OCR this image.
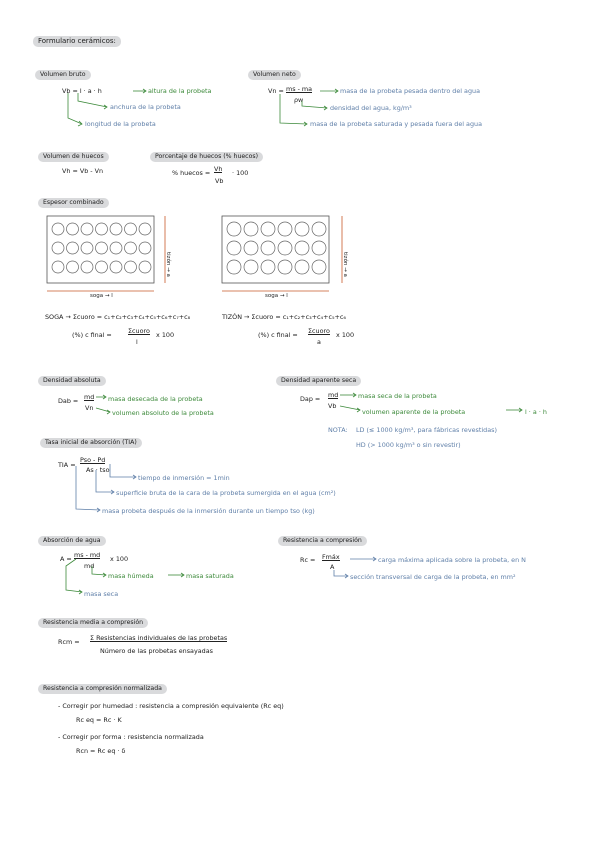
Formulario cerámicos:
Volumen bruto
Vb = l · a · h	altura de la probeta
anchura de la probeta
longitud de la probeta
Volumen neto
Vn = ms - ma
ρw
masa de la probeta pesada dentro del agua
densidad del agua, kg/m³
masa de la probeta saturada y pesada fuera del agua
Volumen de huecos
Vh = Vb - Vn
Porcentaje de huecos (% huecos)
% huecos = Vh
Vb
· 100
Espesor combinado
tizón → a
soga → l
tizón → a
soga → l
SOGA → Σcuoro = c₁+c₂+c₃+c₄+c₅+c₆+c₇+c₈
(%) c final =	Σcuoro
l
x 100
TIZÓN → Σcuoro = c₁+c₂+c₃+c₄+c₅+c₆
(%) c final = Σcuoro
a
x 100
Densidad absoluta
Dab = md
Vn
masa desecada de la probeta
volumen absoluto de la probeta
Densidad aparente seca
Dap = md
Vb
masa seca de la probeta
volumen aparente de la probeta	l · a · h
NOTA: LD (≤ 1000 kg/m³, para fábricas revestidas)
HD (> 1000 kg/m³ o sin revestir)
Tasa inicial de absorción (TIA)
TIA =
Pso - Pd
As · tso
tiempo de inmersión = 1min
superficie bruta de la cara de la probeta sumergida en el agua (cm²)
masa probeta después de la inmersión durante un tiempo tso (kg)
Absorción de agua
A = ms - md
md
x 100
masa húmeda	masa saturada
masa seca
Resistencia a compresión
Rc = Fmáx
A
carga máxima aplicada sobre la probeta, en N
sección transversal de carga de la probeta, en mm²
Resistencia media a compresión
Rcm = Σ Resistencias individuales de las probetas
Número de las probetas ensayadas
Resistencia a compresión normalizada
- Corregir por humedad : resistencia a compresión equivalente (Rc eq)
Rc eq = Rc · K
- Corregir por forma : resistencia normalizada
Rcn = Rc eq · δ
